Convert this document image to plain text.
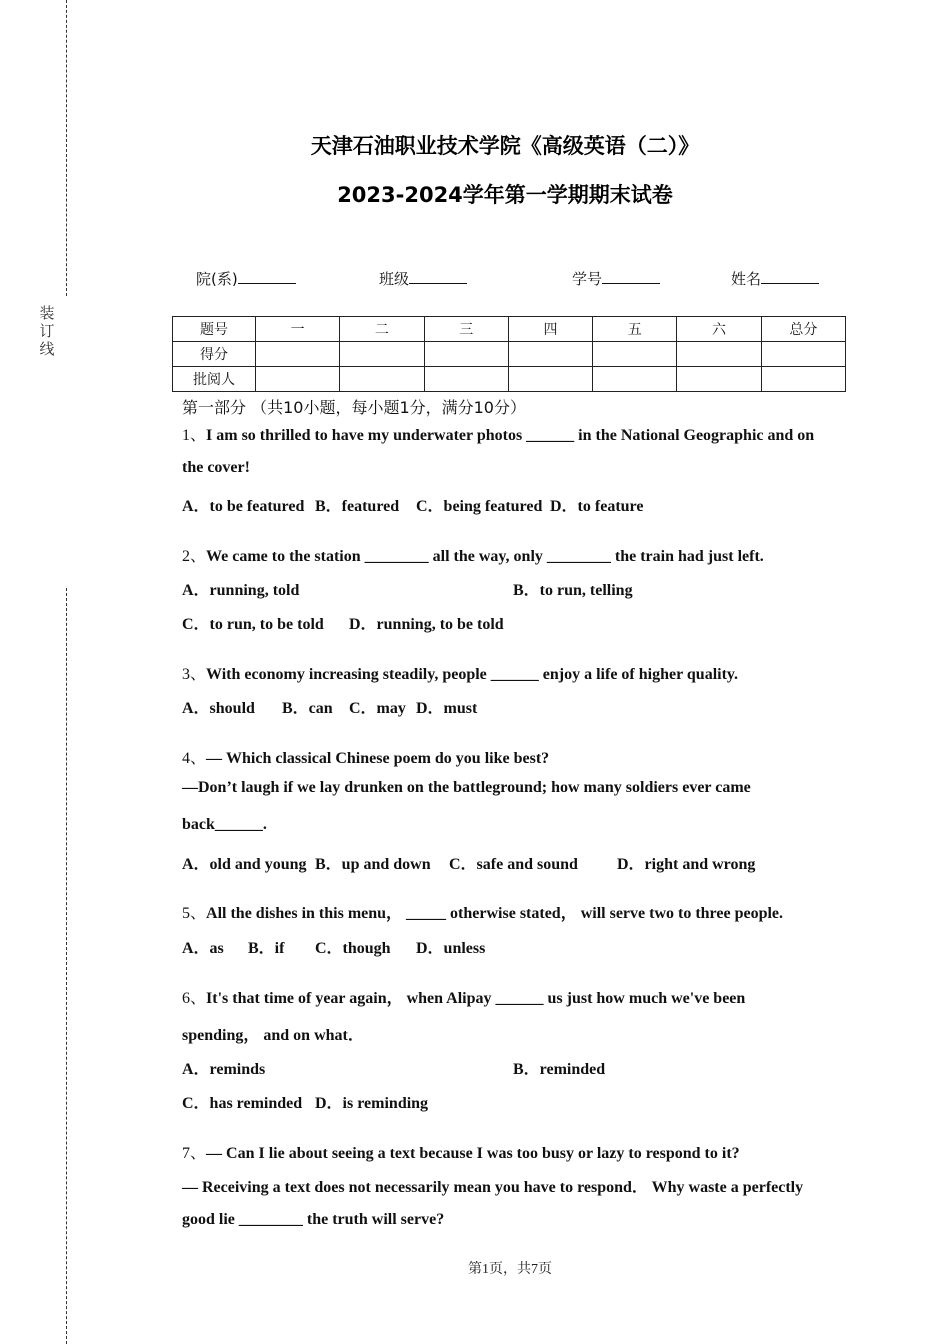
装
订
线
天津石油职业技术学院《高级英语（二）》
2023-2024学年第一学期期末试卷
院(系)	班级	学号	姓名
题号	一	二	三	四	五	六	总分
得分							
批阅人							
第一部分 （共10小题，每小题1分，满分10分）
1、I am so thrilled to have my underwater photos ______ in the National Geographic and on
the cover!
A．to be featured B．featured C．being featured D．to feature
2、We came to the station ________ all the way, only ________ the train had just left.
A．running, told	B．to run, telling
C．to run, to be told D．running, to be told
3、With economy increasing steadily, people ______ enjoy a life of higher quality.
A．should B．can C．may D．must
4、— Which classical Chinese poem do you like best?
—Don’t laugh if we lay drunken on the battleground; how many soldiers ever came
back______.
A．old and young B．up and down C．safe and sound D．right and wrong
5、All the dishes in this menu， _____ otherwise stated， will serve two to three people.
A．as B．if C．though D．unless
6、It's that time of year again， when Alipay ______ us just how much we've been
spending， and on what．
A．reminds	B．reminded
C．has reminded D．is reminding
7、— Can I lie about seeing a text because I was too busy or lazy to respond to it?
— Receiving a text does not necessarily mean you have to respond． Why waste a perfectly
good lie ________ the truth will serve?
第1页，共7页
